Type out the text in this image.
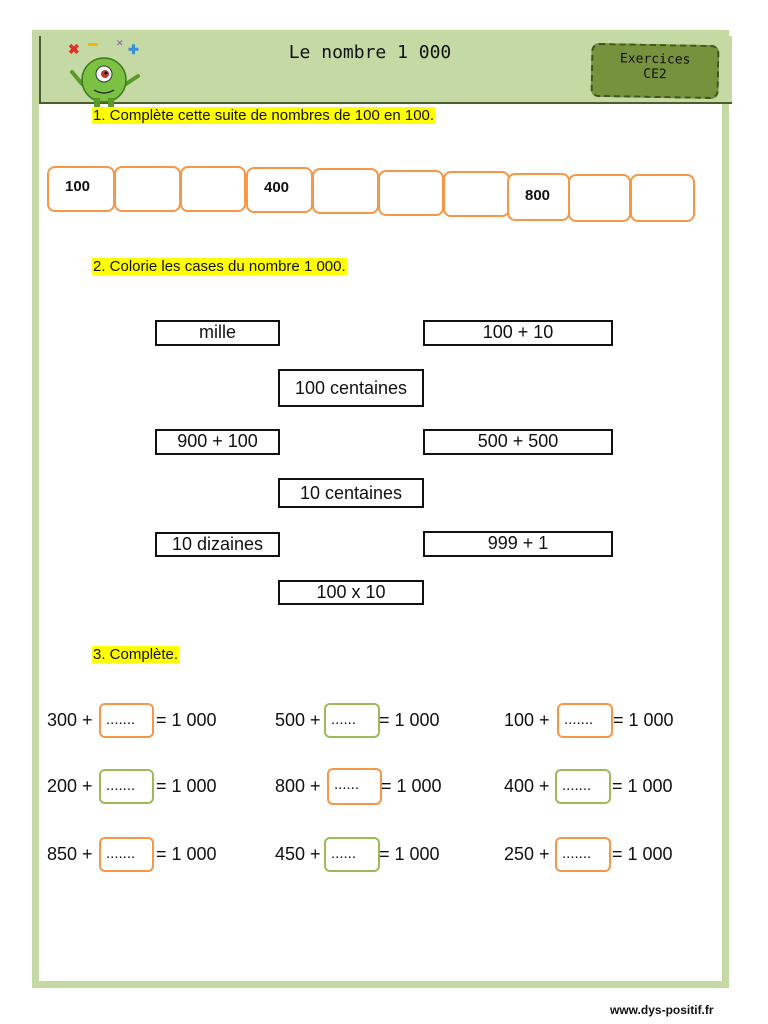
✖ ▬ ✚
✕	Le nombre 1 000	Exercices
CE2
1. Complète cette suite de nombres de 100 en 100.
100	400	800
2. Colorie les cases du nombre 1 000.
mille	100 + 10
100 centaines
900 + 100	500 + 500
10 centaines
10 dizaines	999 + 1
100 x 10
3. Complète.
300 + .......	= 1 000	500 + ......	= 1 000	100 + .......	= 1 000
200 + .......	= 1 000	800 + ......	= 1 000	400 + .......	= 1 000
850 + .......	= 1 000	450 + ......	= 1 000	250 + .......	= 1 000
www.dys-positif.fr
